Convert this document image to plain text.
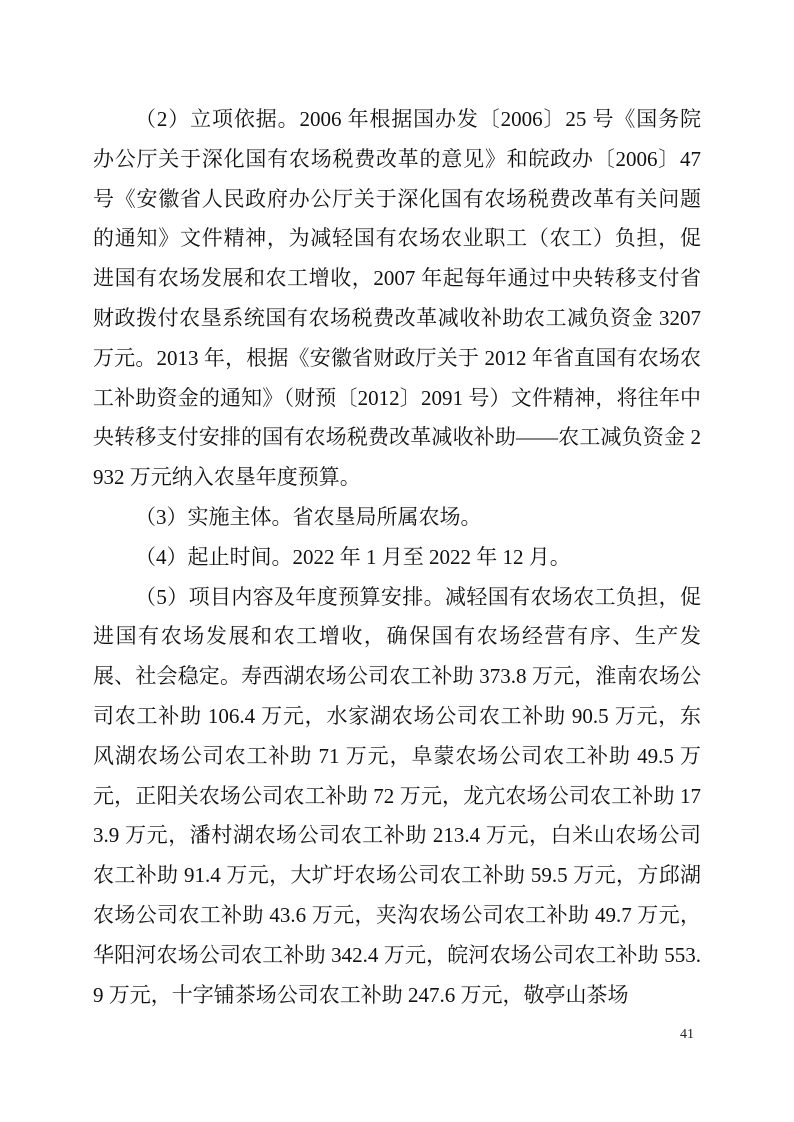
（2）立项依据。2006 年根据国办发〔2006〕25 号《国务院办公厅关于深化国有农场税费改革的意见》和皖政办〔2006〕47 号《安徽省人民政府办公厅关于深化国有农场税费改革有关问题的通知》文件精神，为减轻国有农场农业职工（农工）负担，促进国有农场发展和农工增收，2007 年起每年通过中央转移支付省财政拨付农垦系统国有农场税费改革减收补助农工减负资金 3207 万元。2013 年，根据《安徽省财政厅关于 2012 年省直国有农场农工补助资金的通知》（财预〔2012〕2091 号）文件精神，将往年中央转移支付安排的国有农场税费改革减收补助——农工减负资金 2932 万元纳入农垦年度预算。

（3）实施主体。省农垦局所属农场。

（4）起止时间。2022 年 1 月至 2022 年 12 月。

（5）项目内容及年度预算安排。减轻国有农场农工负担，促进国有农场发展和农工增收，确保国有农场经营有序、生产发展、社会稳定。寿西湖农场公司农工补助 373.8 万元，淮南农场公司农工补助 106.4 万元，水家湖农场公司农工补助 90.5 万元，东风湖农场公司农工补助 71 万元，阜蒙农场公司农工补助 49.5 万元，正阳关农场公司农工补助 72 万元，龙亢农场公司农工补助 173.9 万元，潘村湖农场公司农工补助 213.4 万元，白米山农场公司农工补助 91.4 万元，大圹圩农场公司农工补助 59.5 万元，方邱湖农场公司农工补助 43.6 万元，夹沟农场公司农工补助 49.7 万元，华阳河农场公司农工补助 342.4 万元，皖河农场公司农工补助 553.9 万元，十字铺茶场公司农工补助 247.6 万元，敬亭山茶场

41
